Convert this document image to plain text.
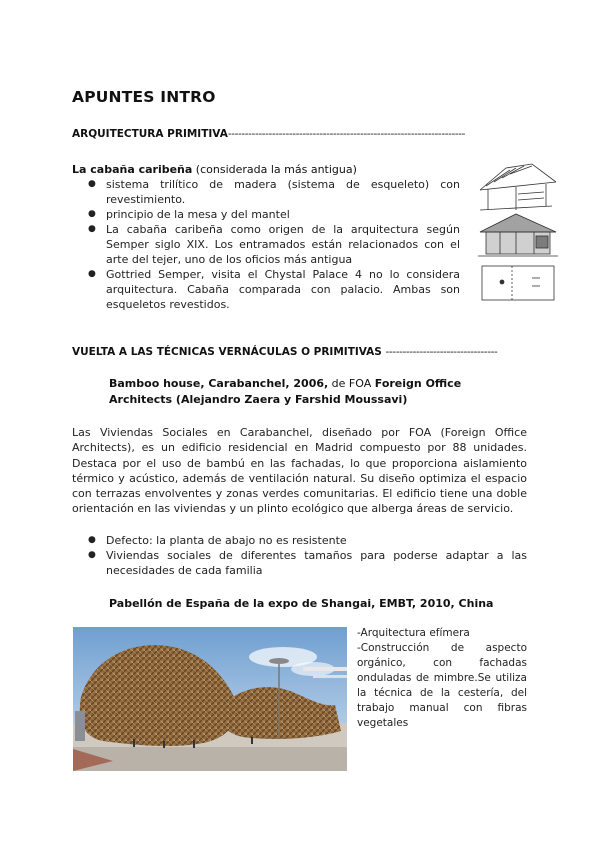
APUNTES INTRO
ARQUITECTURA PRIMITIVA----------------------------------------------------------------------
La cabaña caribeña (considerada la más antigua)
● sistema trilítico de madera (sistema de esqueleto) con revestimiento.
● principio de la mesa y del mantel
● La cabaña caribeña como origen de la arquitectura según Semper siglo XIX. Los entramados están relacionados con el arte del tejer, uno de los oficios más antigua
● Gottried Semper, visita el Chystal Palace 4 no lo considera arquitectura. Cabaña comparada con palacio. Ambas son esqueletos revestidos.
VUELTA A LAS TÉCNICAS VERNÁCULAS O PRIMITIVAS ---------------------------------
Bamboo house, Carabanchel, 2006, de FOA Foreign Office Architects (Alejandro Zaera y Farshid Moussavi)
Las Viviendas Sociales en Carabanchel, diseñado por FOA (Foreign Office Architects), es un edificio residencial en Madrid compuesto por 88 unidades. Destaca por el uso de bambú en las fachadas, lo que proporciona aislamiento térmico y acústico, además de ventilación natural. Su diseño optimiza el espacio con terrazas envolventes y zonas verdes comunitarias. El edificio tiene una doble orientación en las viviendas y un plinto ecológico que alberga áreas de servicio.
● Defecto: la planta de abajo no es resistente
● Viviendas sociales de diferentes tamaños para poderse adaptar a las necesidades de cada familia
Pabellón de España de la expo de Shangai, EMBT, 2010, China

-Arquitectura efímera

-Construcción de aspecto orgánico, con fachadas onduladas de mimbre.Se utiliza la técnica de la cestería, del trabajo manual con fibras vegetales
